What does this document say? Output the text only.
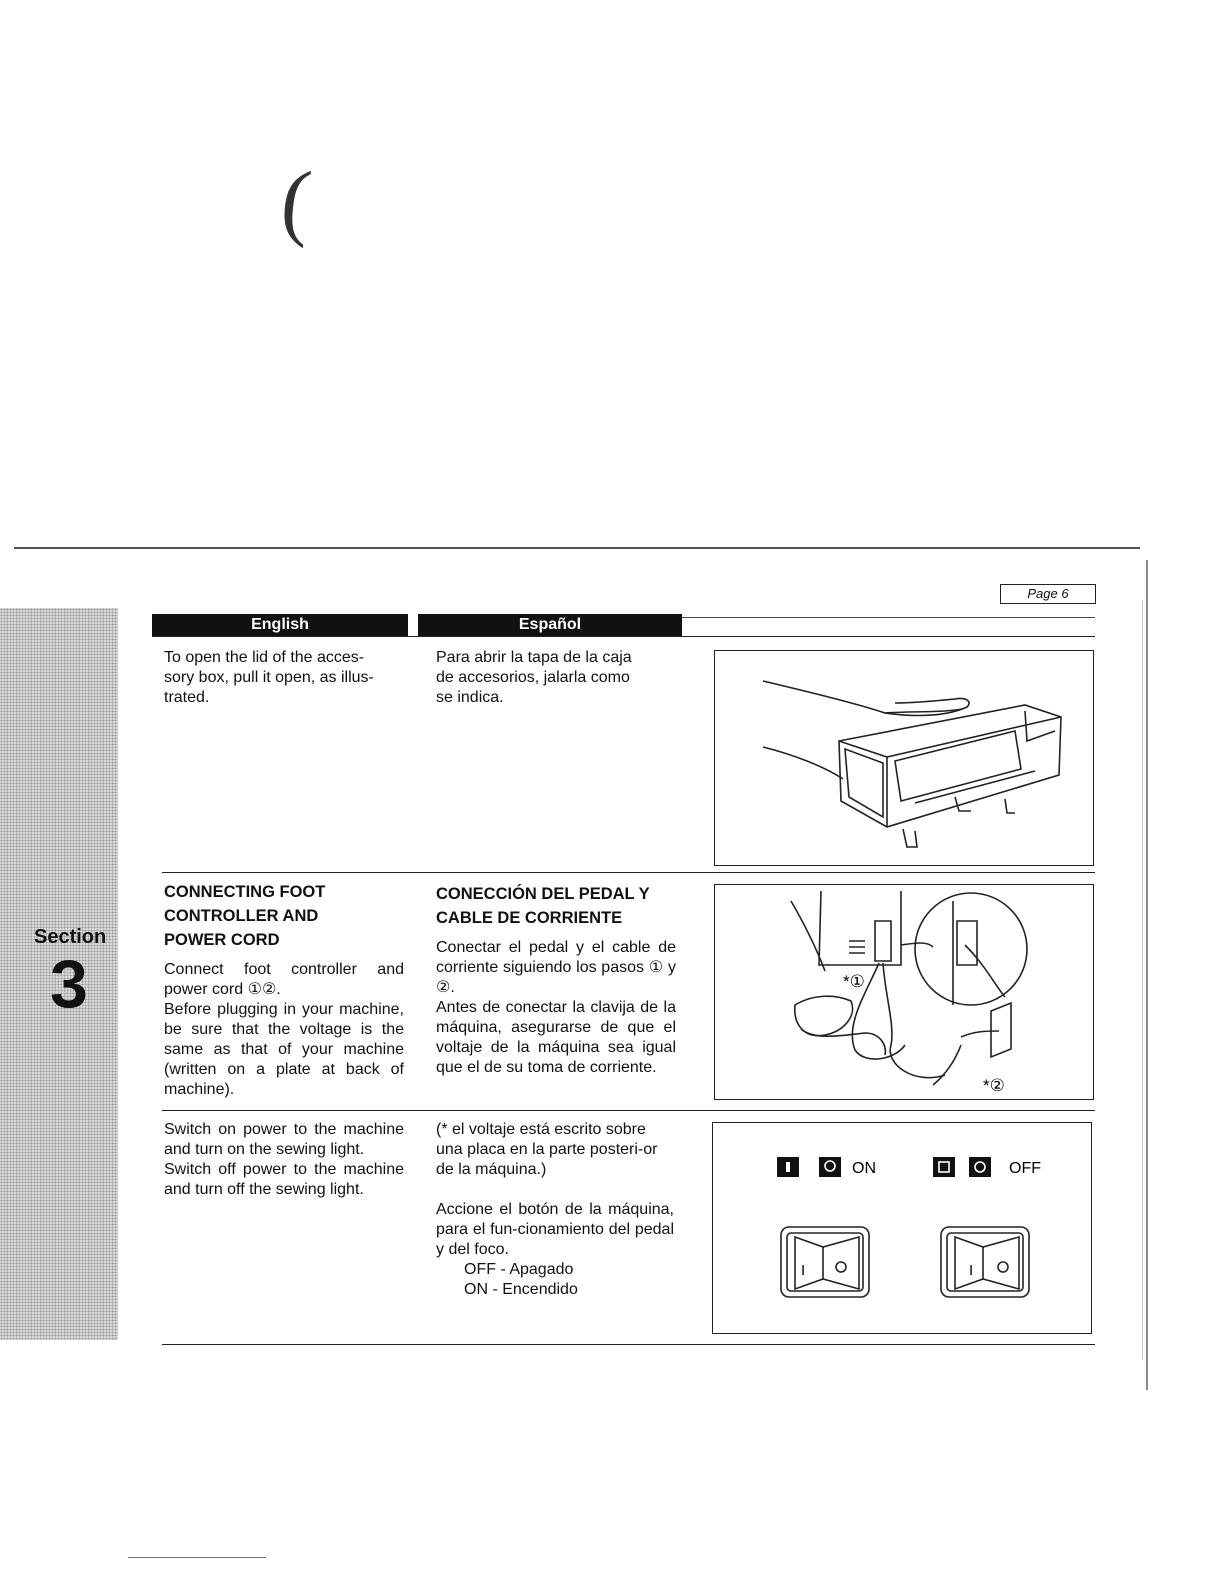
(
Section
3
Page 6
English	Español

To open the lid of the acces-
sory box, pull it open, as illus-
trated.

Para abrir la tapa de la caja
de accesorios, jalarla como
se indica.

CONNECTING FOOT
CONTROLLER AND
POWER CORD

Connect foot controller and power cord ①②.
Before plugging in your machine, be sure that the voltage is the same as that of your machine (written on a plate at back of machine).

CONECCIÓN DEL PEDAL Y
CABLE DE CORRIENTE

Conectar el pedal y el cable de corriente siguiendo los pasos ① y ②.
Antes de conectar la clavija de la máquina, asegurarse de que el voltaje de la máquina sea igual que el de su toma de corriente.

*①
*②

Switch on power to the machine and turn on the sewing light.
Switch off power to the machine and turn off the sewing light.

(* el voltaje está escrito sobre una placa en la parte posteri-or de la máquina.)

Accione el botón de la máquina, para el fun-cionamiento del pedal y del foco.

OFF - Apagado
ON - Encendido
ON	OFF
I	I
